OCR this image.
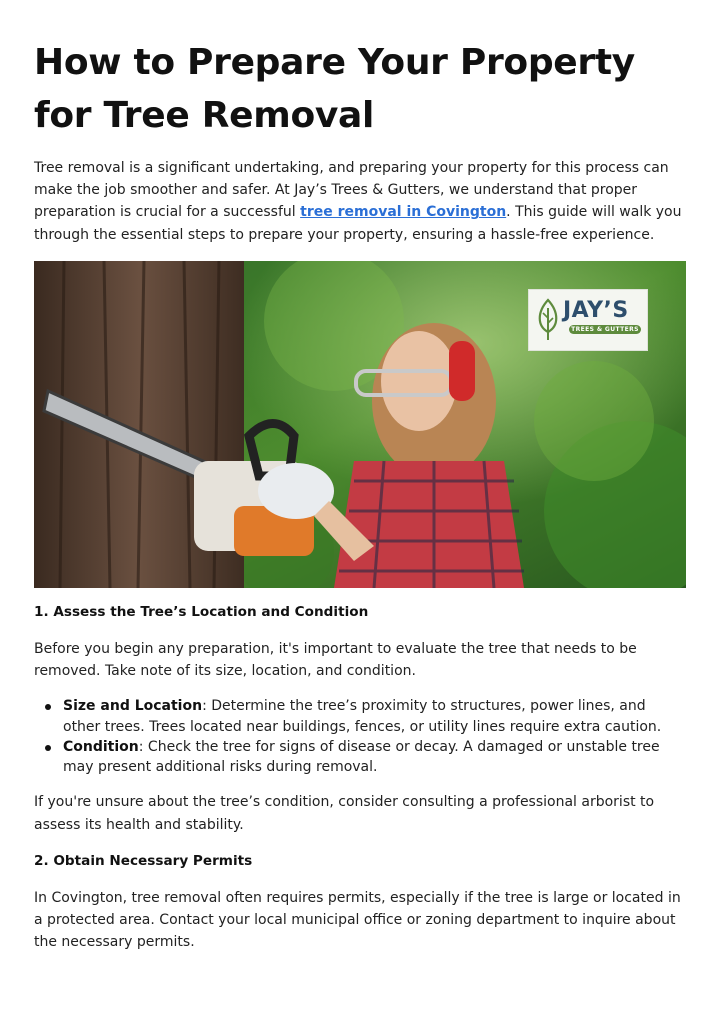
How to Prepare Your Property for Tree Removal

Tree removal is a significant undertaking, and preparing your property for this process can make the job smoother and safer. At Jay’s Trees & Gutters, we understand that proper preparation is crucial for a successful tree removal in Covington. This guide will walk you through the essential steps to prepare your property, ensuring a hassle-free experience.

JAY’S
TREES & GUTTERS
1. Assess the Tree’s Location and Condition

Before you begin any preparation, it's important to evaluate the tree that needs to be removed. Take note of its size, location, and condition.

Size and Location: Determine the tree’s proximity to structures, power lines, and other trees. Trees located near buildings, fences, or utility lines require extra caution.
Condition: Check the tree for signs of disease or decay. A damaged or unstable tree may present additional risks during removal.

If you're unsure about the tree’s condition, consider consulting a professional arborist to assess its health and stability.

2. Obtain Necessary Permits

In Covington, tree removal often requires permits, especially if the tree is large or located in a protected area. Contact your local municipal office or zoning department to inquire about the necessary permits.
